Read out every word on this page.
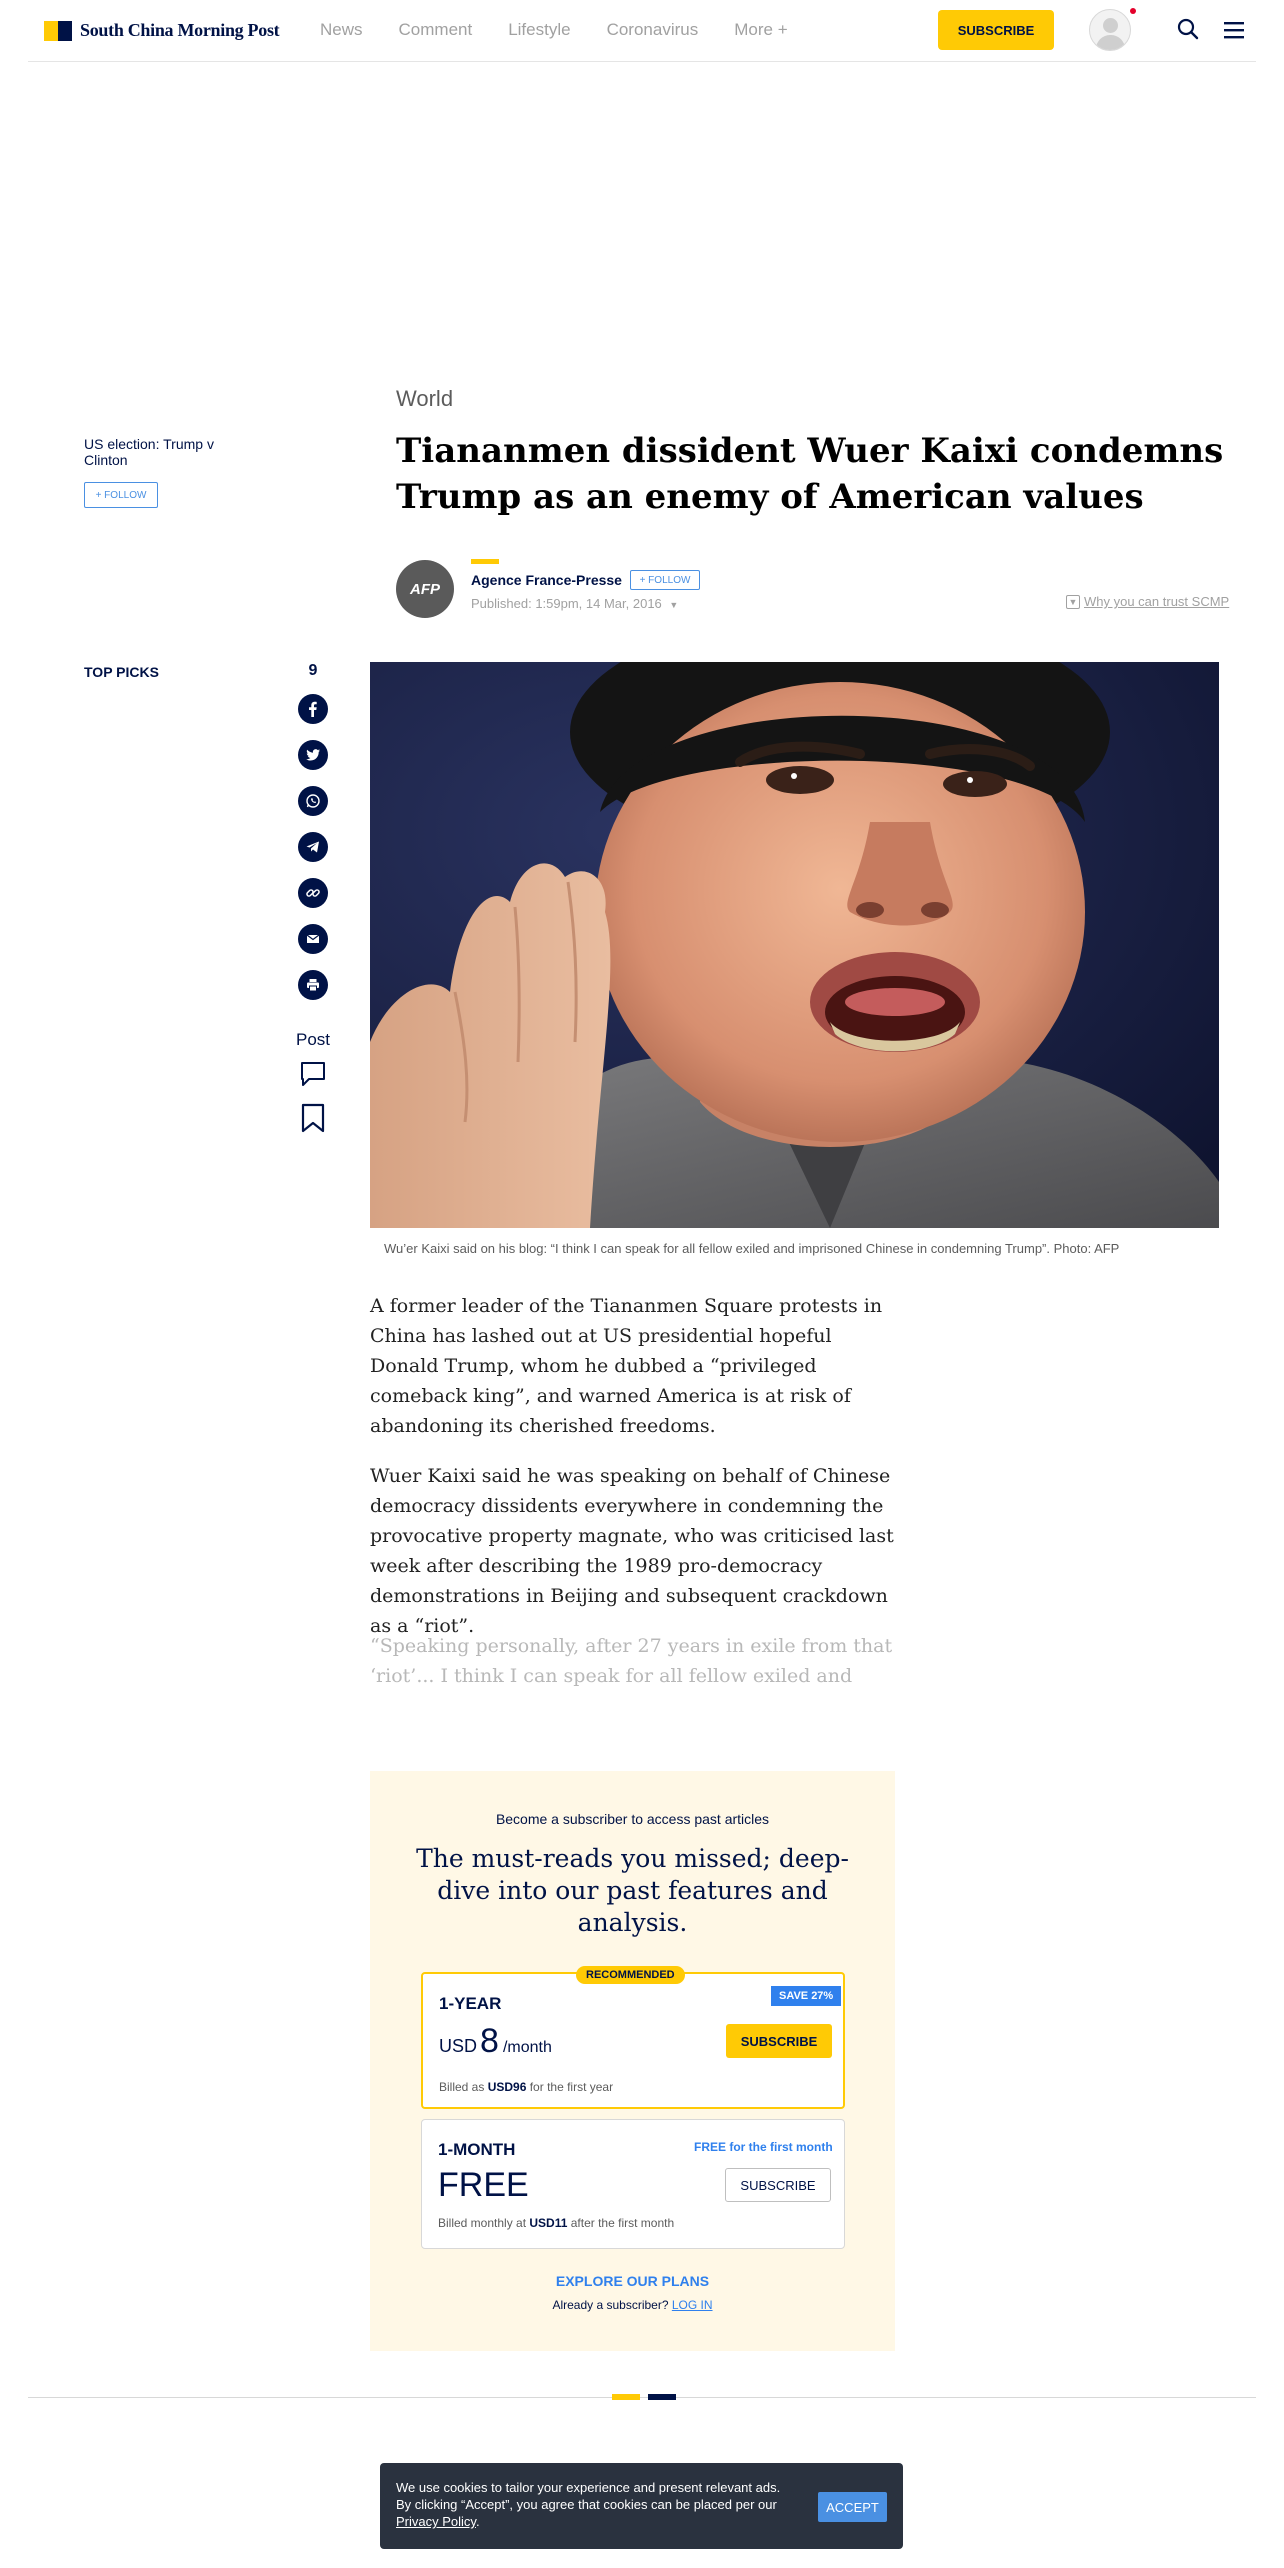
South China Morning Post News Comment Lifestyle Coronavirus More +	SUBSCRIBE
US election: Trump v Clinton
+ FOLLOW
World
Tiananmen dissident Wuer Kaixi condemns Trump as an enemy of American values
AFP
Agence France-Presse	+ FOLLOW
Published: 1:59pm, 14 Mar, 2016 ▼	▼ Why you can trust SCMP
TOP PICKS	9
Post
Wu’er Kaixi said on his blog: “I think I can speak for all fellow exiled and imprisoned Chinese in condemning Trump”. Photo: AFP

A former leader of the Tiananmen Square protests in China has lashed out at US presidential hopeful Donald Trump, whom he dubbed a “privileged comeback king”, and warned America is at risk of abandoning its cherished freedoms.

Wuer Kaixi said he was speaking on behalf of Chinese democracy dissidents everywhere in condemning the provocative property magnate, who was criticised last week after describing the 1989 pro-democracy demonstrations in Beijing and subsequent crackdown as a “riot”.

“Speaking personally, after 27 years in exile from that ‘riot’... I think I can speak for all fellow exiled and

Become a subscriber to access past articles
The must-reads you missed; deep-dive into our past features and analysis.
RECOMMENDED
SAVE 27%
1-YEAR
USD 8 /month
Billed as USD96 for the first year
SUBSCRIBE
1-MONTH	FREE for the first month
FREE
Billed monthly at USD11 after the first month
SUBSCRIBE
EXPLORE OUR PLANS
Already a subscriber? LOG IN
We use cookies to tailor your experience and present relevant ads. By clicking “Accept”, you agree that cookies can be placed per our Privacy Policy.
ACCEPT
